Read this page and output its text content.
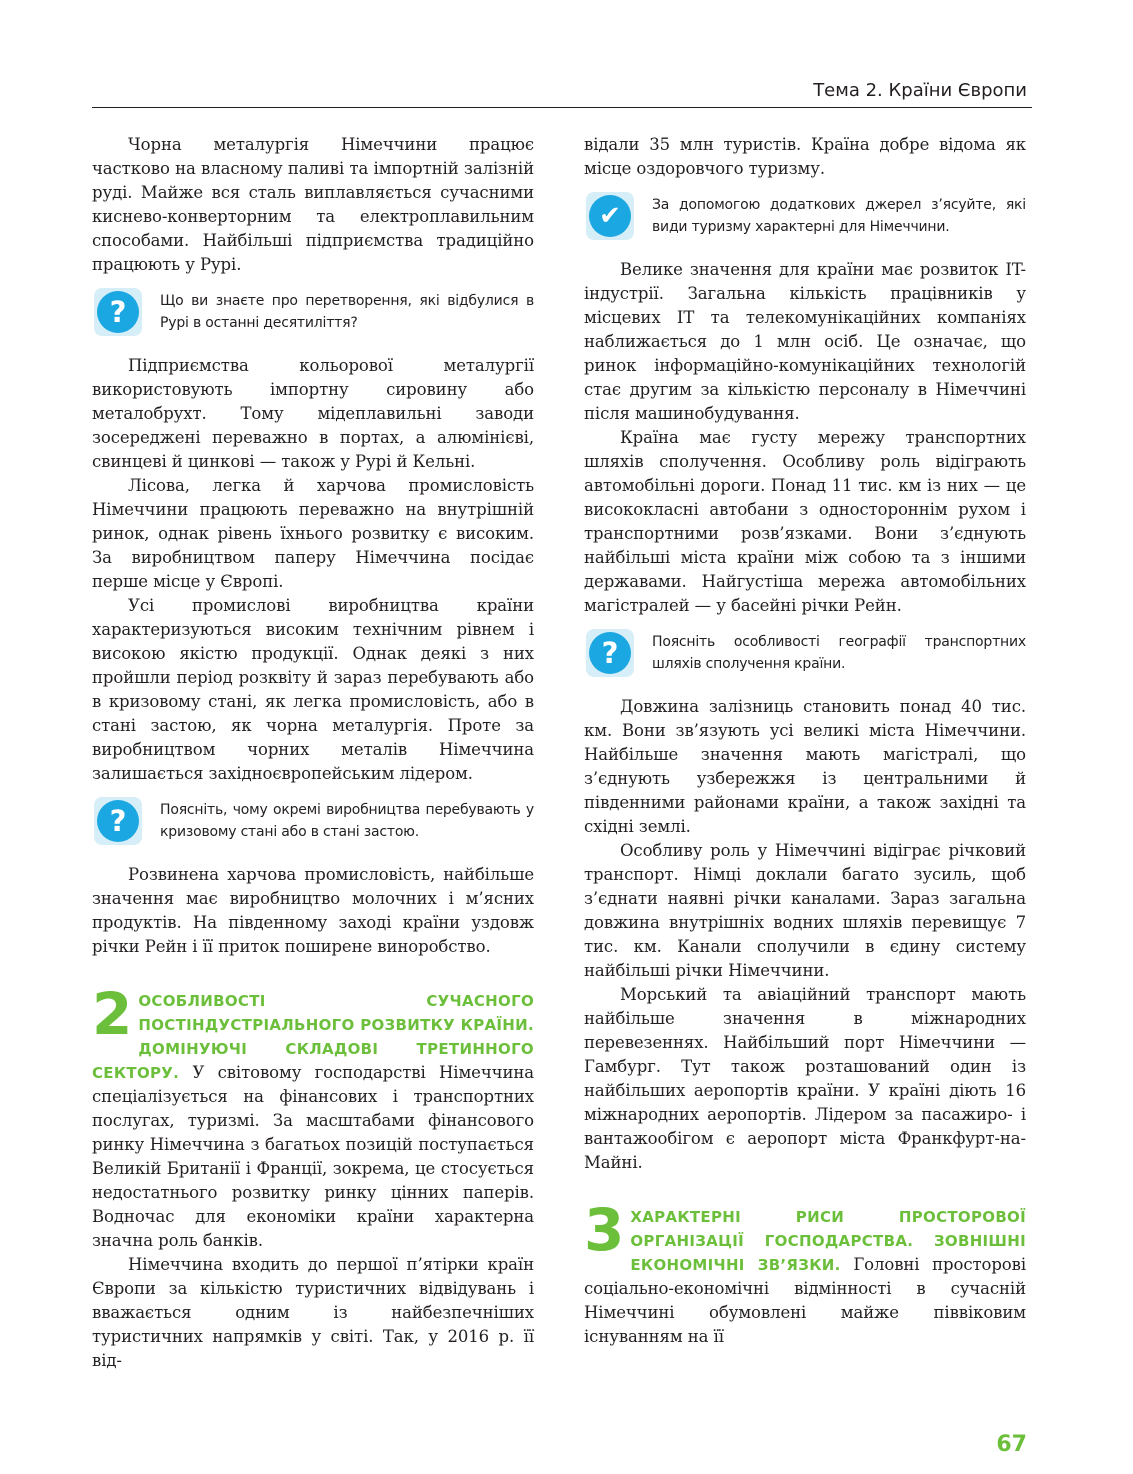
Тема 2. Країни Європи

Чорна металургія Німеччини працює частково на власному паливі та імпортній залізній руді. Майже вся сталь виплавляється сучасними киснево-конверторним та електроплавильним способами. Найбільші підприємства традиційно працюють у Рурі.

?	Що ви знаєте про перетворення, які відбулися в Рурі в останні десятиліття?

Підприємства кольорової металургії використовують імпортну сировину або металобрухт. Тому мідеплавильні заводи зосереджені переважно в портах, а алюмінієві, свинцеві й цинкові — також у Рурі й Кельні.

Лісова, легка й харчова промисловість Німеччини працюють переважно на внутрішній ринок, однак рівень їхнього розвитку є високим. За виробництвом паперу Німеччина посідає перше місце у Європі.

Усі промислові виробництва країни характеризуються високим технічним рівнем і високою якістю продукції. Однак деякі з них пройшли період розквіту й зараз перебувають або в кризовому стані, як легка промисловість, або в стані застою, як чорна металургія. Проте за виробництвом чорних металів Німеччина залишається західноєвропейським лідером.

?	Поясніть, чому окремі виробництва перебувають у кризовому стані або в стані застою.

Розвинена харчова промисловість, найбільше значення має виробництво молочних і м’ясних продуктів. На південному заході країни уздовж річки Рейн і її приток поширене виноробство.

2 ОСОБЛИВОСТІ СУЧАСНОГО ПОСТІНДУСТРІАЛЬНОГО РОЗВИТКУ КРАЇНИ. ДОМІНУЮЧІ СКЛАДОВІ ТРЕТИННОГО СЕКТОРУ. У світовому господарстві Німеччина спеціалізується на фінансових і транспортних послугах, туризмі. За масштабами фінансового ринку Німеччина з багатьох позицій поступається Великій Британії і Франції, зокрема, це стосується недостатнього розвитку ринку цінних паперів. Водночас для економіки країни характерна значна роль банків.

Німеччина входить до першої п’ятірки країн Європи за кількістю туристичних відвідувань і вважається одним із найбезпечніших туристичних напрямків у світі. Так, у 2016 р. її від-

відали 35 млн туристів. Країна добре відома як місце оздоровчого туризму.

✔	За допомогою додаткових джерел з’ясуйте, які види туризму характерні для Німеччини.

Велике значення для країни має розвиток IT-індустрії. Загальна кількість працівників у місцевих IT та телекомунікаційних компаніях наближається до 1 млн осіб. Це означає, що ринок інформаційно-комунікаційних технологій стає другим за кількістю персоналу в Німеччині після машинобудування.

Країна має густу мережу транспортних шляхів сполучення. Особливу роль відіграють автомобільні дороги. Понад 11 тис. км із них — це висококласні автобани з одностороннім рухом і транспортними розв’язками. Вони з’єднують найбільші міста країни між собою та з іншими державами. Найгустіша мережа автомобільних магістралей — у басейні річки Рейн.

?	Поясніть особливості географії транспортних шляхів сполучення країни.

Довжина залізниць становить понад 40 тис. км. Вони зв’язують усі великі міста Німеччини. Найбільше значення мають магістралі, що з’єднують узбережжя із центральними й південними районами країни, а також західні та східні землі.

Особливу роль у Німеччині відіграє річковий транспорт. Німці доклали багато зусиль, щоб з’єднати наявні річки каналами. Зараз загальна довжина внутрішніх водних шляхів перевищує 7 тис. км. Канали сполучили в єдину систему найбільші річки Німеччини.

Морський та авіаційний транспорт мають найбільше значення в міжнародних перевезеннях. Найбільший порт Німеччини — Гамбург. Тут також розташований один із найбільших аеропортів країни. У країні діють 16 міжнародних аеропортів. Лідером за пасажиро- і вантажообігом є аеропорт міста Франкфурт-на-Майні.

3 ХАРАКТЕРНІ РИСИ ПРОСТОРОВОЇ ОРГАНІЗАЦІЇ ГОСПОДАРСТВА. ЗОВНІШНІ ЕКОНОМІЧНІ ЗВ’ЯЗКИ. Головні просторові соціально-економічні відмінності в сучасній Німеччині обумовлені майже пiввiковим існуванням на її

67
